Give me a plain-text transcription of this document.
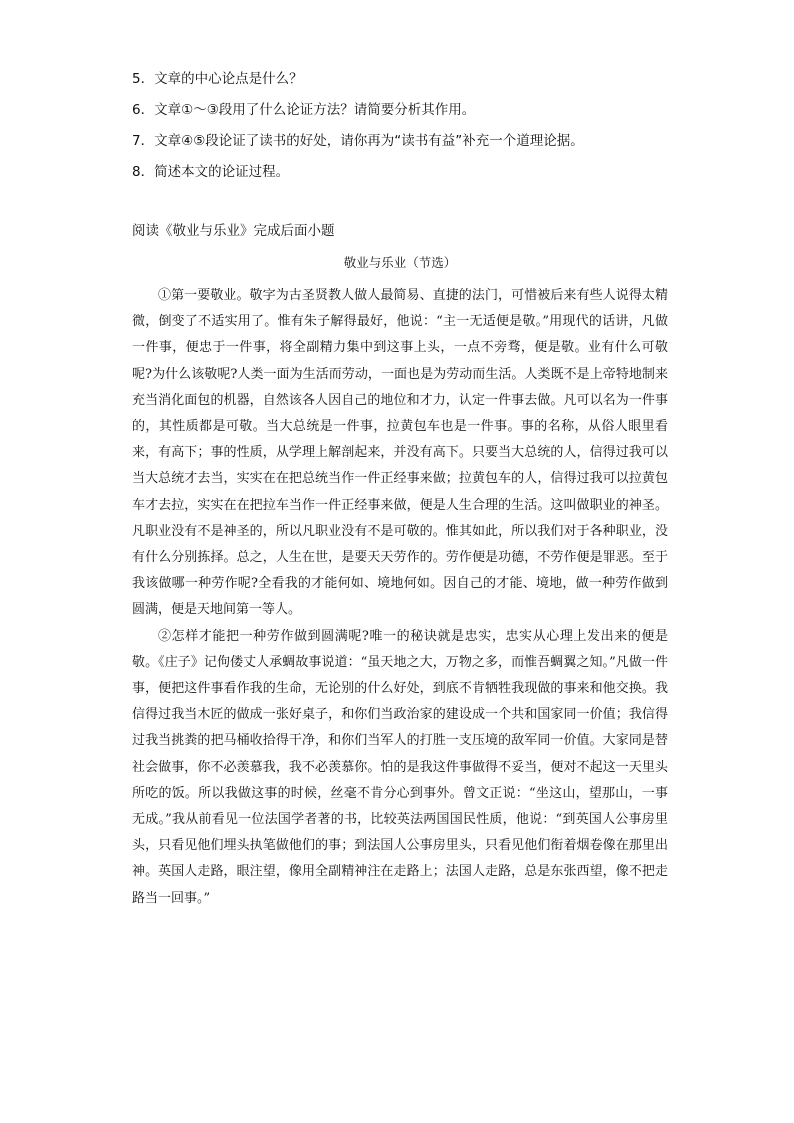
5．文章的中心论点是什么？
6．文章①～③段用了什么论证方法？请简要分析其作用。
7．文章④⑤段论证了读书的好处，请你再为“读书有益”补充一个道理论据。
8．简述本文的论证过程。
阅读《敬业与乐业》完成后面小题
敬业与乐业（节选）

①第一要敬业。敬字为古圣贤教人做人最简易、直捷的法门，可惜被后来有些人说得太精微，倒变了不适实用了。惟有朱子解得最好，他说：“主一无适便是敬。”用现代的话讲，凡做一件事，便忠于一件事，将全副精力集中到这事上头，一点不旁骛，便是敬。业有什么可敬呢?为什么该敬呢?人类一面为生活而劳动，一面也是为劳动而生活。人类既不是上帝特地制来充当消化面包的机器，自然该各人因自己的地位和才力，认定一件事去做。凡可以名为一件事的，其性质都是可敬。当大总统是一件事，拉黄包车也是一件事。事的名称，从俗人眼里看来，有高下；事的性质，从学理上解剖起来，并没有高下。只要当大总统的人，信得过我可以当大总统才去当，实实在在把总统当作一件正经事来做；拉黄包车的人，信得过我可以拉黄包车才去拉，实实在在把拉车当作一件正经事来做，便是人生合理的生活。这叫做职业的神圣。凡职业没有不是神圣的，所以凡职业没有不是可敬的。惟其如此，所以我们对于各种职业，没有什么分别拣择。总之，人生在世，是要天天劳作的。劳作便是功德，不劳作便是罪恶。至于我该做哪一种劳作呢?全看我的才能何如、境地何如。因自己的才能、境地，做一种劳作做到圆满，便是天地间第一等人。

②怎样才能把一种劳作做到圆满呢?唯一的秘诀就是忠实，忠实从心理上发出来的便是敬。《庄子》记佝偻丈人承蜩故事说道：“虽天地之大，万物之多，而惟吾蜩翼之知。”凡做一件事，便把这件事看作我的生命，无论别的什么好处，到底不肯牺牲我现做的事来和他交换。我信得过我当木匠的做成一张好桌子，和你们当政治家的建设成一个共和国家同一价值；我信得过我当挑粪的把马桶收拾得干净，和你们当军人的打胜一支压境的敌军同一价值。大家同是替社会做事，你不必羡慕我，我不必羡慕你。怕的是我这件事做得不妥当，便对不起这一天里头所吃的饭。所以我做这事的时候，丝毫不肯分心到事外。曾文正说：“坐这山，望那山，一事无成。”我从前看见一位法国学者著的书，比较英法两国国民性质，他说：“到英国人公事房里头，只看见他们埋头执笔做他们的事；到法国人公事房里头，只看见他们衔着烟卷像在那里出神。英国人走路，眼注望，像用全副精神注在走路上；法国人走路，总是东张西望，像不把走路当一回事。”
